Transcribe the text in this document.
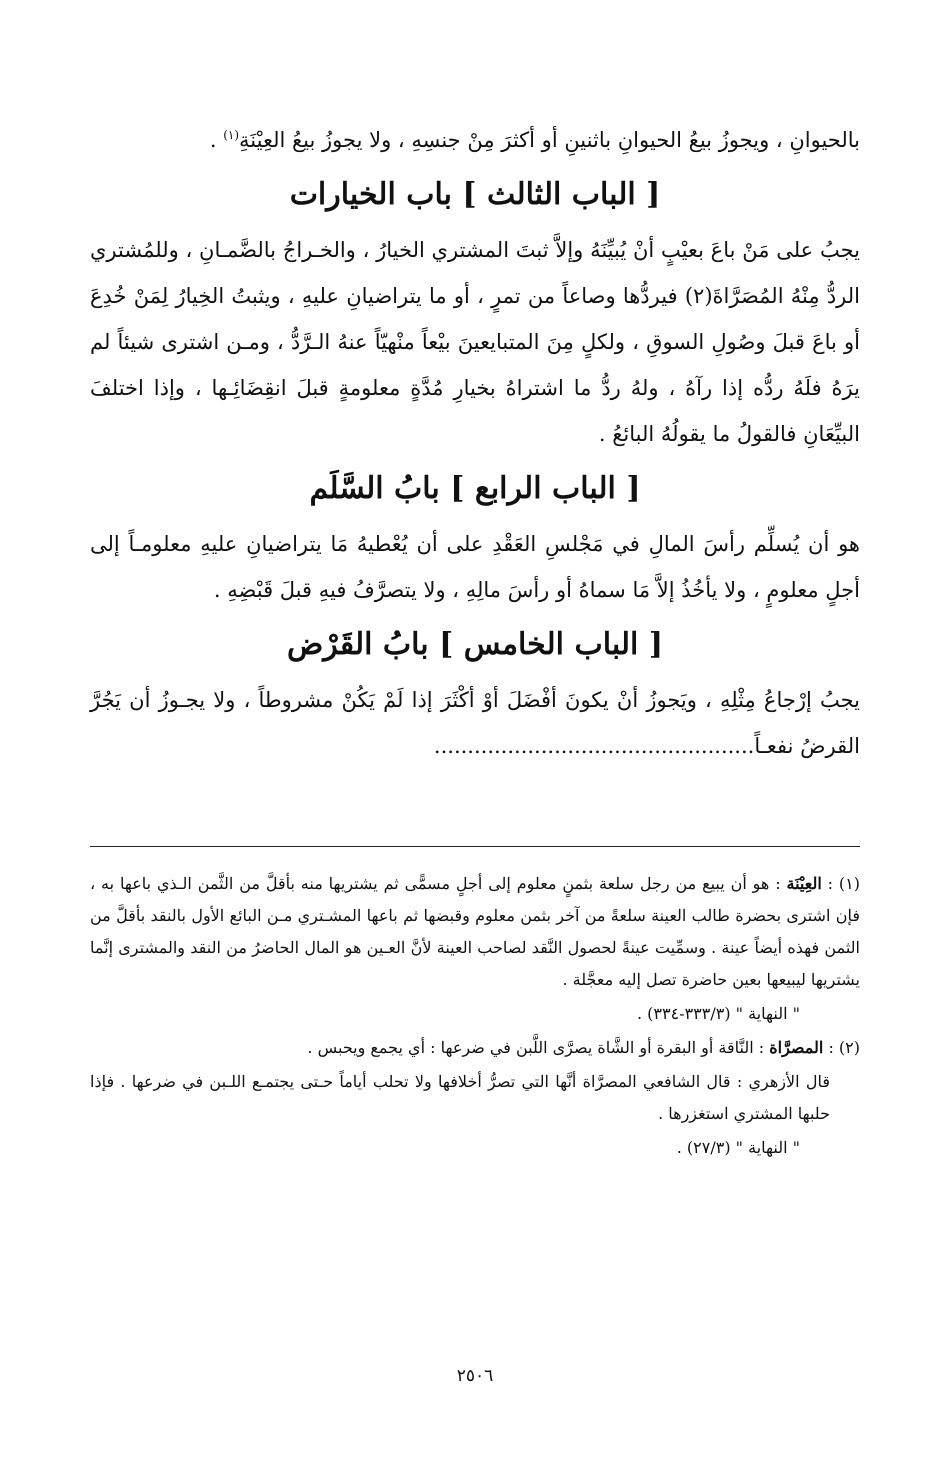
بالحيوانِ ، ويجوزُ بيعُ الحيوانِ باثنينِ أو أكثرَ مِنْ جنسِهِ ، ولا يجوزُ بيعُ العِيْنَةِ$^{(١)}$ .

[ الباب الثالث ] باب الخيارات

يجبُ على مَنْ باعَ بعيْبٍ أنْ يُبيِّنَهُ وإلاَّ ثبتَ المشتري الخيارُ ، والخـراجُ بالضَّمـانِ ، وللمُشتري الردُّ مِنْهُ المُصَرَّاةَ(٢) فيردُّها وصاعاً من تمرٍ ، أو ما يتراضيانِ عليهِ ، ويثبتُ الخِيارُ لِمَنْ خُدِعَ أو باعَ قبلَ وصُولِ السوقِ ، ولكلٍ مِنَ المتبايعينَ بيْعاً منْهيّاً عنهُ الـرَّدُّ ، ومـن اشترى شيئاً لم يرَهُ فلَهُ ردُّه إذا رآهُ ، ولهُ ردُّ ما اشتراهُ بخيارِ مُدَّةٍ معلومةٍ قبلَ انقِضَائِـها ، وإذا اختلفَ البيِّعَانِ فالقولُ ما يقولُهُ البائعُ .

[ الباب الرابع ] بابُ السَّلَم

هو أن يُسلِّم رأسَ المالِ في مَجْلسِ العَقْدِ على أن يُعْطيهُ مَا يتراضيانِ عليهِ معلومـاً إلى أجلٍ معلومٍ ، ولا يأخُذُ إلاَّ مَا سماهُ أو رأسَ مالِهِ ، ولا يتصرَّفُ فيهِ قبلَ قَبْضِهِ .

[ الباب الخامس ] بابُ القَرْض

يجبُ إرْجاعُ مِثْلِهِ ، ويَجوزُ أنْ يكونَ أفْضَلَ أوْ أكْثَرَ إذا لَمْ يَكُنْ مشروطاً ، ولا يجـوزُ أن يَجُرَّ القرضُ نفعـاً................................................

(١) : العِيْنَة : هو أن يبيع من رجل سلعة بثمنٍ معلوم إلى أجلٍ مسمًّى ثم يشتريها منه بأقلَّ من الثَّمن الـذي باعها به ، فإن اشترى بحضرة طالب العينة سلعةً من آخر بثمن معلوم وقبضها ثم باعها المشـتري مـن البائع الأول بالنقد بأقلَّ من الثمن فهذه أيضاً عينة . وسمِّيت عينةً لحصول النَّقد لصاحب العينة لأنَّ العـين هو المال الحاضرُ من النقد والمشترى إنَّما يشتريها ليبيعها بعين حاضرة تصل إليه معجَّلة .

" النهاية " (٣٣٣/٣-٣٣٤) .

(٢) : المصرَّاة : النَّاقة أو البقرة أو الشَّاة يصرَّى اللَّبن في ضرعها : أي يجمع ويحبس .

قال الأزهري : قال الشافعي المصرَّاة أنَّها التي تصرُّ أخلافها ولا تحلب أياماً حـتى يجتمـع اللـبن في ضرعها . فإذا حلبها المشتري استغزرها .

" النهاية " (٢٧/٣) .

٢٥٠٦
